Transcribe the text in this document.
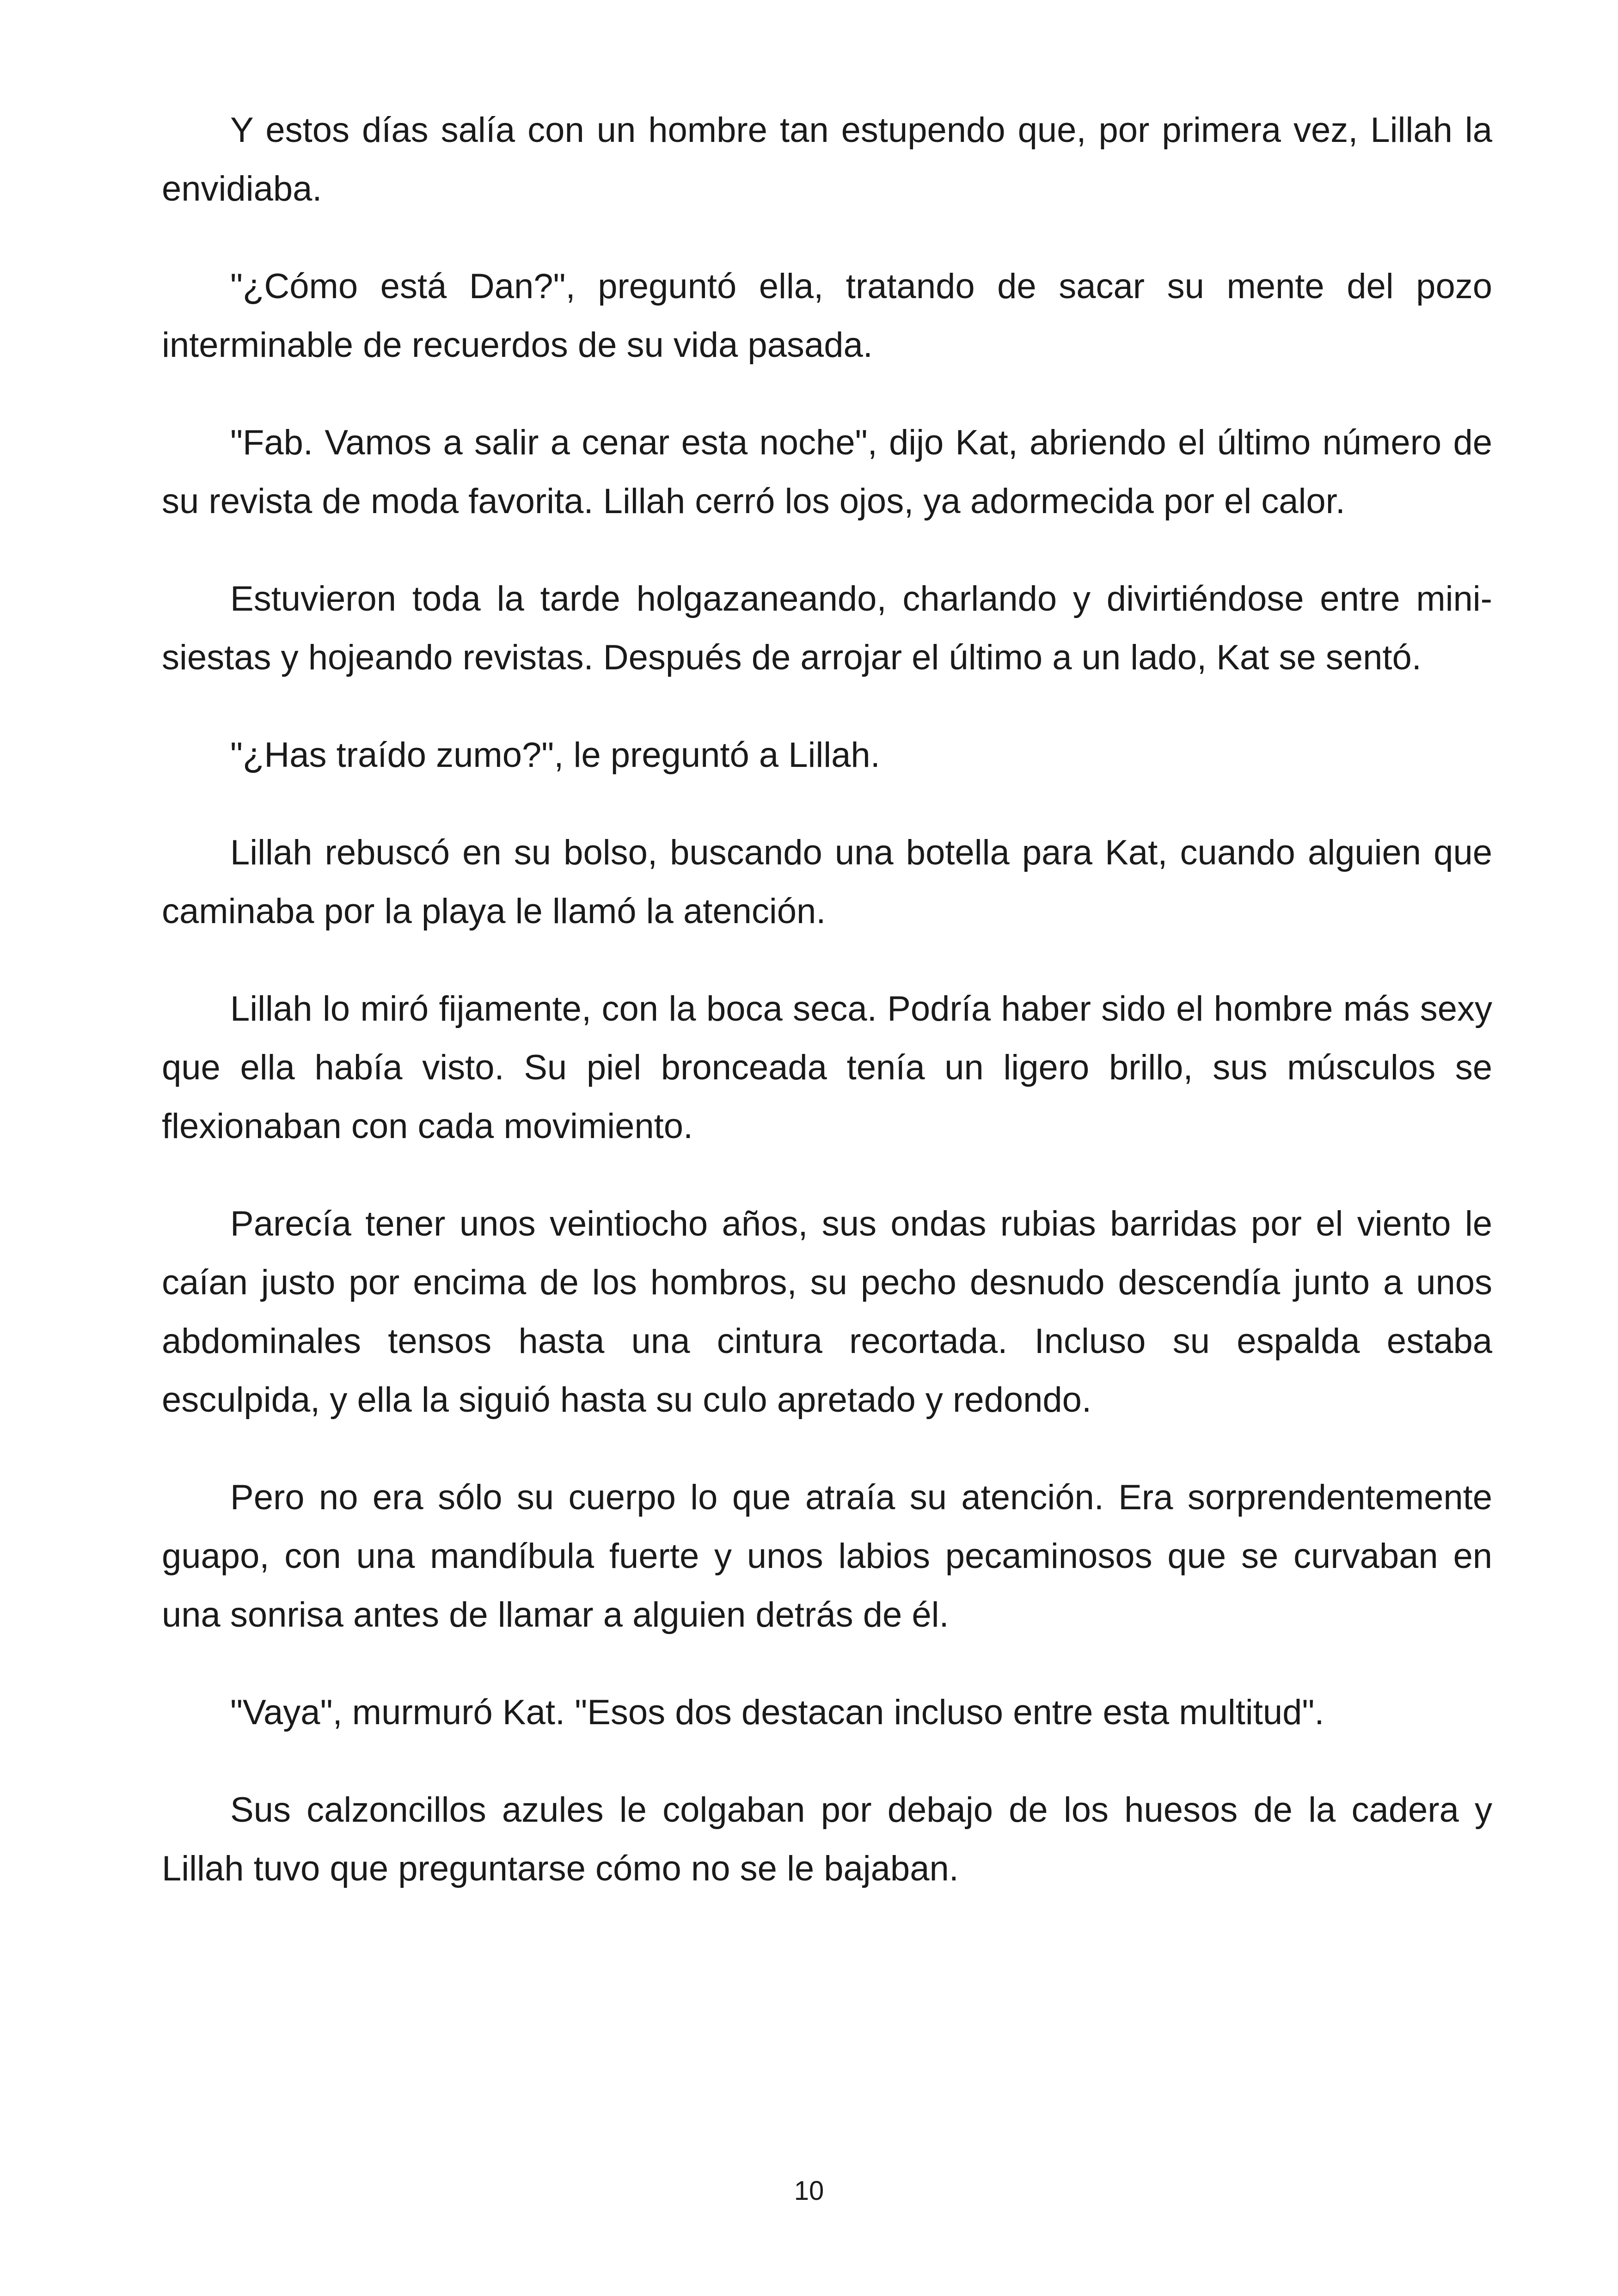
Y estos días salía con un hombre tan estupendo que, por primera vez, Lillah la envidiaba.

"¿Cómo está Dan?", preguntó ella, tratando de sacar su mente del pozo interminable de recuerdos de su vida pasada.

"Fab. Vamos a salir a cenar esta noche", dijo Kat, abriendo el último número de su revista de moda favorita. Lillah cerró los ojos, ya adormecida por el calor.

Estuvieron toda la tarde holgazaneando, charlando y divirtiéndose entre mini-siestas y hojeando revistas. Después de arrojar el último a un lado, Kat se sentó.

"¿Has traído zumo?", le preguntó a Lillah.

Lillah rebuscó en su bolso, buscando una botella para Kat, cuando alguien que caminaba por la playa le llamó la atención.

Lillah lo miró fijamente, con la boca seca. Podría haber sido el hombre más sexy que ella había visto. Su piel bronceada tenía un ligero brillo, sus músculos se flexionaban con cada movimiento.

Parecía tener unos veintiocho años, sus ondas rubias barridas por el viento le caían justo por encima de los hombros, su pecho desnudo descendía junto a unos abdominales tensos hasta una cintura recortada. Incluso su espalda estaba esculpida, y ella la siguió hasta su culo apretado y redondo.

Pero no era sólo su cuerpo lo que atraía su atención. Era sorprendentemente guapo, con una mandíbula fuerte y unos labios pecaminosos que se curvaban en una sonrisa antes de llamar a alguien detrás de él.

"Vaya", murmuró Kat. "Esos dos destacan incluso entre esta multitud".

Sus calzoncillos azules le colgaban por debajo de los huesos de la cadera y Lillah tuvo que preguntarse cómo no se le bajaban.

10
